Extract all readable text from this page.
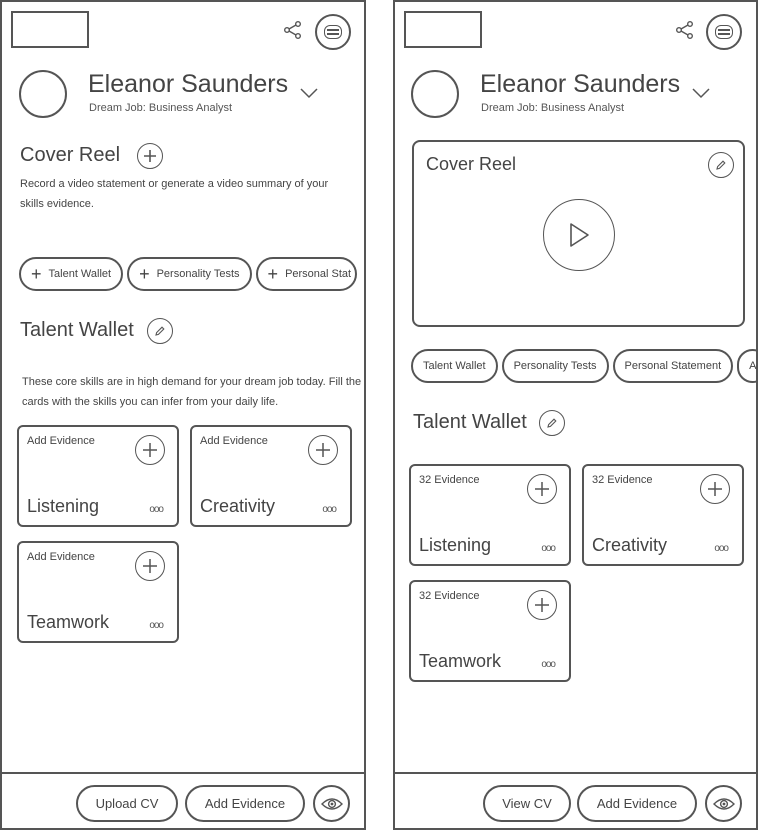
Eleanor Saunders
Dream Job: Business Analyst
Cover Reel
Record a video statement or generate a video summary of your skills evidence.
+ Talent Wallet + Personality Tests + Personal Stat
Talent Wallet
These core skills are in high demand for your dream job today. Fill the cards with the skills you can infer from your daily life.
Add Evidence
Listening	ooo
Add Evidence
Creativity	ooo
Add Evidence
Teamwork	ooo
Upload CV	Add Evidence
Eleanor Saunders
Dream Job: Business Analyst
Cover Reel
Talent Wallet	Personality Tests	Personal Statement	A
Talent Wallet
32 Evidence
Listening	ooo
32 Evidence
Creativity	ooo
32 Evidence
Teamwork	ooo
View CV	Add Evidence
